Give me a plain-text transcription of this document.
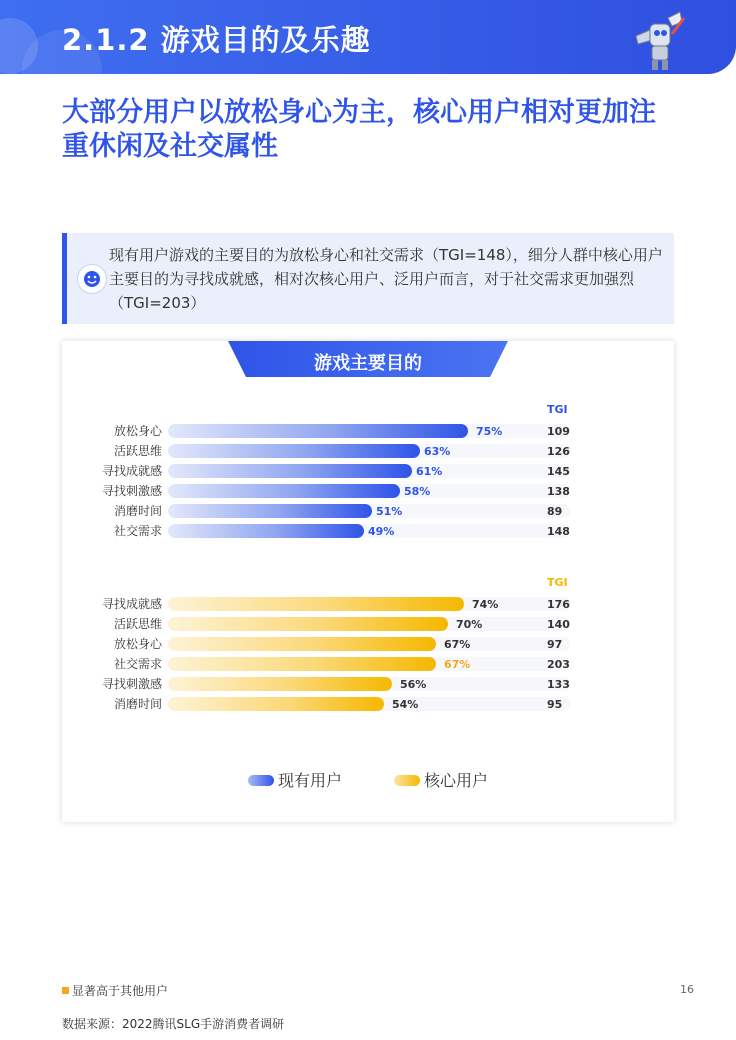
2.1.2 游戏目的及乐趣
大部分用户以放松身心为主，核心用户相对更加注重休闲及社交属性
现有用户游戏的主要目的为放松身心和社交需求（TGI=148），细分人群中核心用户主要目的为寻找成就感，相对次核心用户、泛用户而言，对于社交需求更加强烈（TGI=203）
游戏主要目的
TGI
放松身心	75%	109
活跃思维	63%	126
寻找成就感	61%	145
寻找刺激感	58%	138
消磨时间	51%	89
社交需求	49%	148
TGI
寻找成就感	74%	176
活跃思维	70%	140
放松身心	67%	97
社交需求	67%	203
寻找刺激感	56%	133
消磨时间	54%	95
现有用户	核心用户
显著高于其他用户	16
数据来源：2022腾讯SLG手游消费者调研
